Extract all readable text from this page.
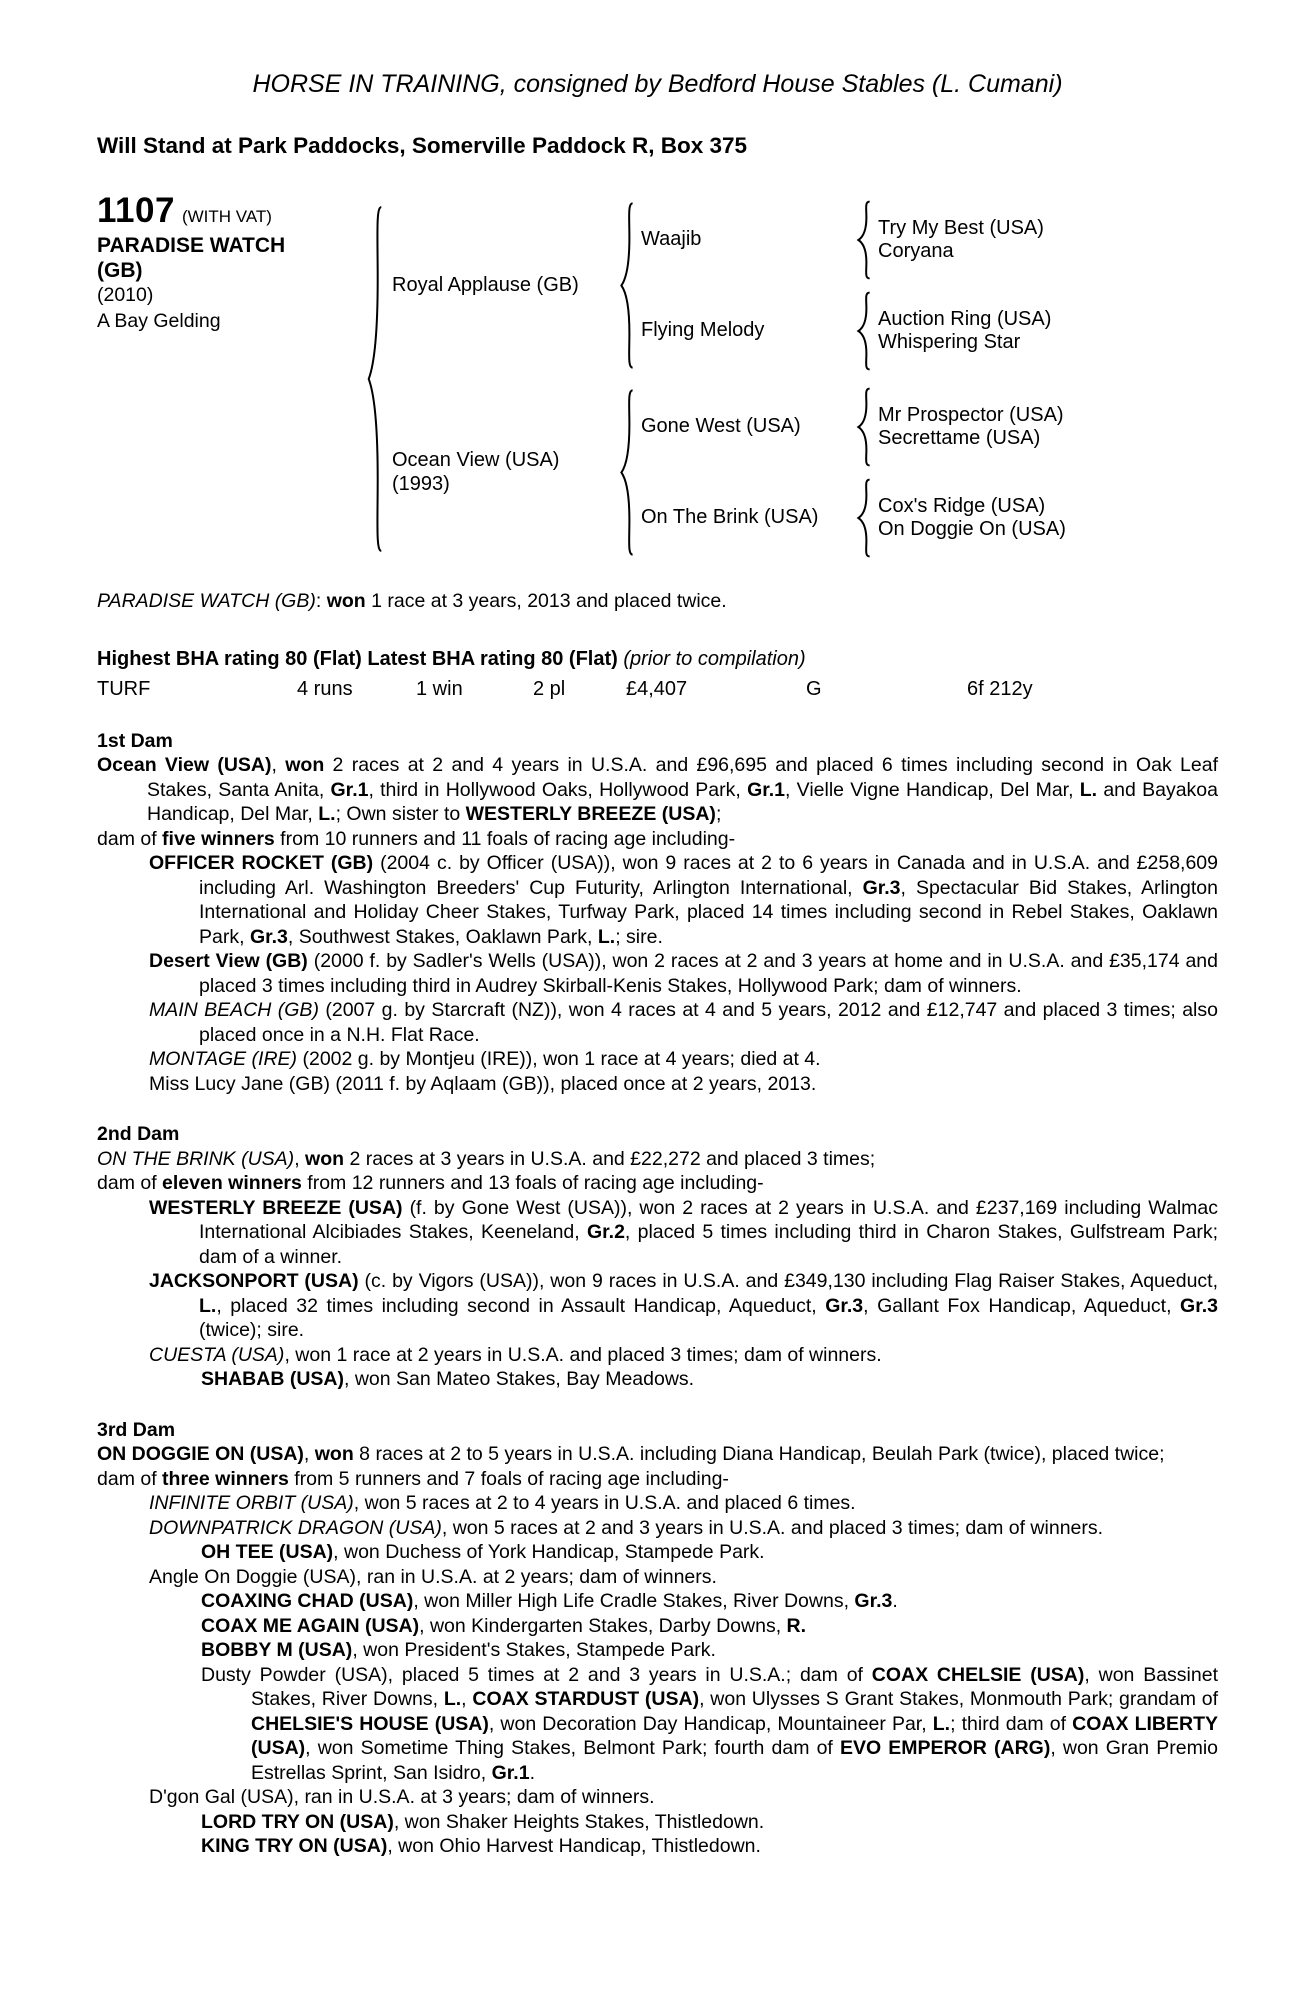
HORSE IN TRAINING, consigned by Bedford House Stables (L. Cumani)
Will Stand at Park Paddocks, Somerville Paddock R, Box 375
1107 (WITH VAT)
PARADISE WATCH
(GB)
(2010)
A Bay Gelding
Royal Applause (GB)
Waajib
Try My Best (USA)
Coryana
Flying Melody
Auction Ring (USA)
Whispering Star
Ocean View (USA)
(1993)
Gone West (USA)
Mr Prospector (USA)
Secrettame (USA)
On The Brink (USA)
Cox's Ridge (USA)
On Doggie On (USA)

PARADISE WATCH (GB): won 1 race at 3 years, 2013 and placed twice.

Highest BHA rating 80 (Flat) Latest BHA rating 80 (Flat) (prior to compilation)

TURF	4 runs	1 win	2 pl	£4,407	G	6f 212y
1st Dam

Ocean View (USA), won 2 races at 2 and 4 years in U.S.A. and £96,695 and placed 6 times including second in Oak Leaf Stakes, Santa Anita, Gr.1, third in Hollywood Oaks, Hollywood Park, Gr.1, Vielle Vigne Handicap, Del Mar, L. and Bayakoa Handicap, Del Mar, L.; Own sister to WESTERLY BREEZE (USA);

dam of five winners from 10 runners and 11 foals of racing age including-

OFFICER ROCKET (GB) (2004 c. by Officer (USA)), won 9 races at 2 to 6 years in Canada and in U.S.A. and £258,609 including Arl. Washington Breeders' Cup Futurity, Arlington International, Gr.3, Spectacular Bid Stakes, Arlington International and Holiday Cheer Stakes, Turfway Park, placed 14 times including second in Rebel Stakes, Oaklawn Park, Gr.3, Southwest Stakes, Oaklawn Park, L.; sire.

Desert View (GB) (2000 f. by Sadler's Wells (USA)), won 2 races at 2 and 3 years at home and in U.S.A. and £35,174 and placed 3 times including third in Audrey Skirball-Kenis Stakes, Hollywood Park; dam of winners.

MAIN BEACH (GB) (2007 g. by Starcraft (NZ)), won 4 races at 4 and 5 years, 2012 and £12,747 and placed 3 times; also placed once in a N.H. Flat Race.

MONTAGE (IRE) (2002 g. by Montjeu (IRE)), won 1 race at 4 years; died at 4.

Miss Lucy Jane (GB) (2011 f. by Aqlaam (GB)), placed once at 2 years, 2013.

2nd Dam

ON THE BRINK (USA), won 2 races at 3 years in U.S.A. and £22,272 and placed 3 times;

dam of eleven winners from 12 runners and 13 foals of racing age including-

WESTERLY BREEZE (USA) (f. by Gone West (USA)), won 2 races at 2 years in U.S.A. and £237,169 including Walmac International Alcibiades Stakes, Keeneland, Gr.2, placed 5 times including third in Charon Stakes, Gulfstream Park; dam of a winner.

JACKSONPORT (USA) (c. by Vigors (USA)), won 9 races in U.S.A. and £349,130 including Flag Raiser Stakes, Aqueduct, L., placed 32 times including second in Assault Handicap, Aqueduct, Gr.3, Gallant Fox Handicap, Aqueduct, Gr.3 (twice); sire.

CUESTA (USA), won 1 race at 2 years in U.S.A. and placed 3 times; dam of winners.

SHABAB (USA), won San Mateo Stakes, Bay Meadows.

3rd Dam

ON DOGGIE ON (USA), won 8 races at 2 to 5 years in U.S.A. including Diana Handicap, Beulah Park (twice), placed twice;

dam of three winners from 5 runners and 7 foals of racing age including-

INFINITE ORBIT (USA), won 5 races at 2 to 4 years in U.S.A. and placed 6 times.

DOWNPATRICK DRAGON (USA), won 5 races at 2 and 3 years in U.S.A. and placed 3 times; dam of winners.

OH TEE (USA), won Duchess of York Handicap, Stampede Park.

Angle On Doggie (USA), ran in U.S.A. at 2 years; dam of winners.

COAXING CHAD (USA), won Miller High Life Cradle Stakes, River Downs, Gr.3.

COAX ME AGAIN (USA), won Kindergarten Stakes, Darby Downs, R.

BOBBY M (USA), won President's Stakes, Stampede Park.

Dusty Powder (USA), placed 5 times at 2 and 3 years in U.S.A.; dam of COAX CHELSIE (USA), won Bassinet Stakes, River Downs, L., COAX STARDUST (USA), won Ulysses S Grant Stakes, Monmouth Park; grandam of CHELSIE'S HOUSE (USA), won Decoration Day Handicap, Mountaineer Par, L.; third dam of COAX LIBERTY (USA), won Sometime Thing Stakes, Belmont Park; fourth dam of EVO EMPEROR (ARG), won Gran Premio Estrellas Sprint, San Isidro, Gr.1.

D'gon Gal (USA), ran in U.S.A. at 3 years; dam of winners.

LORD TRY ON (USA), won Shaker Heights Stakes, Thistledown.

KING TRY ON (USA), won Ohio Harvest Handicap, Thistledown.
